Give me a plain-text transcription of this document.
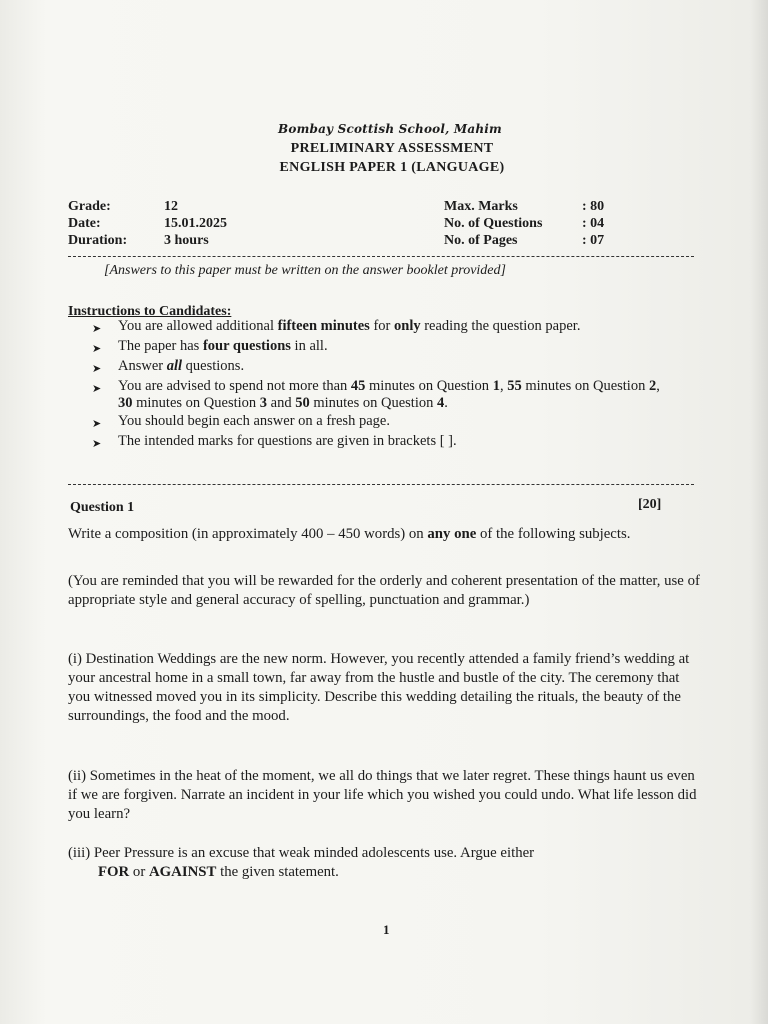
Bombay Scottish School, Mahim
PRELIMINARY ASSESSMENT
ENGLISH PAPER 1 (LANGUAGE)
Grade:	12
Date:	15.01.2025
Duration:	3 hours
Max. Marks	: 80
No. of Questions	: 04
No. of Pages	: 07
[Answers to this paper must be written on the answer booklet provided]
Instructions to Candidates:
➤	You are allowed additional fifteen minutes for only reading the question paper.
➤	The paper has four questions in all.
➤	Answer all questions.
➤	You are advised to spend not more than 45 minutes on Question 1, 55 minutes on Question 2, 30 minutes on Question 3 and 50 minutes on Question 4.
➤	You should begin each answer on a fresh page.
➤	The intended marks for questions are given in brackets [ ].
Question 1	[20]

Write a composition (in approximately 400 – 450 words) on any one of the following subjects.

(You are reminded that you will be rewarded for the orderly and coherent presentation of the matter, use of appropriate style and general accuracy of spelling, punctuation and grammar.)

(i) Destination Weddings are the new norm. However, you recently attended a family friend’s wedding at your ancestral home in a small town, far away from the hustle and bustle of the city. The ceremony that you witnessed moved you in its simplicity. Describe this wedding detailing the rituals, the beauty of the surroundings, the food and the mood.

(ii) Sometimes in the heat of the moment, we all do things that we later regret. These things haunt us even if we are forgiven. Narrate an incident in your life which you wished you could undo. What life lesson did you learn?

(iii) Peer Pressure is an excuse that weak minded adolescents use. Argue either
FOR or AGAINST the given statement.

1
